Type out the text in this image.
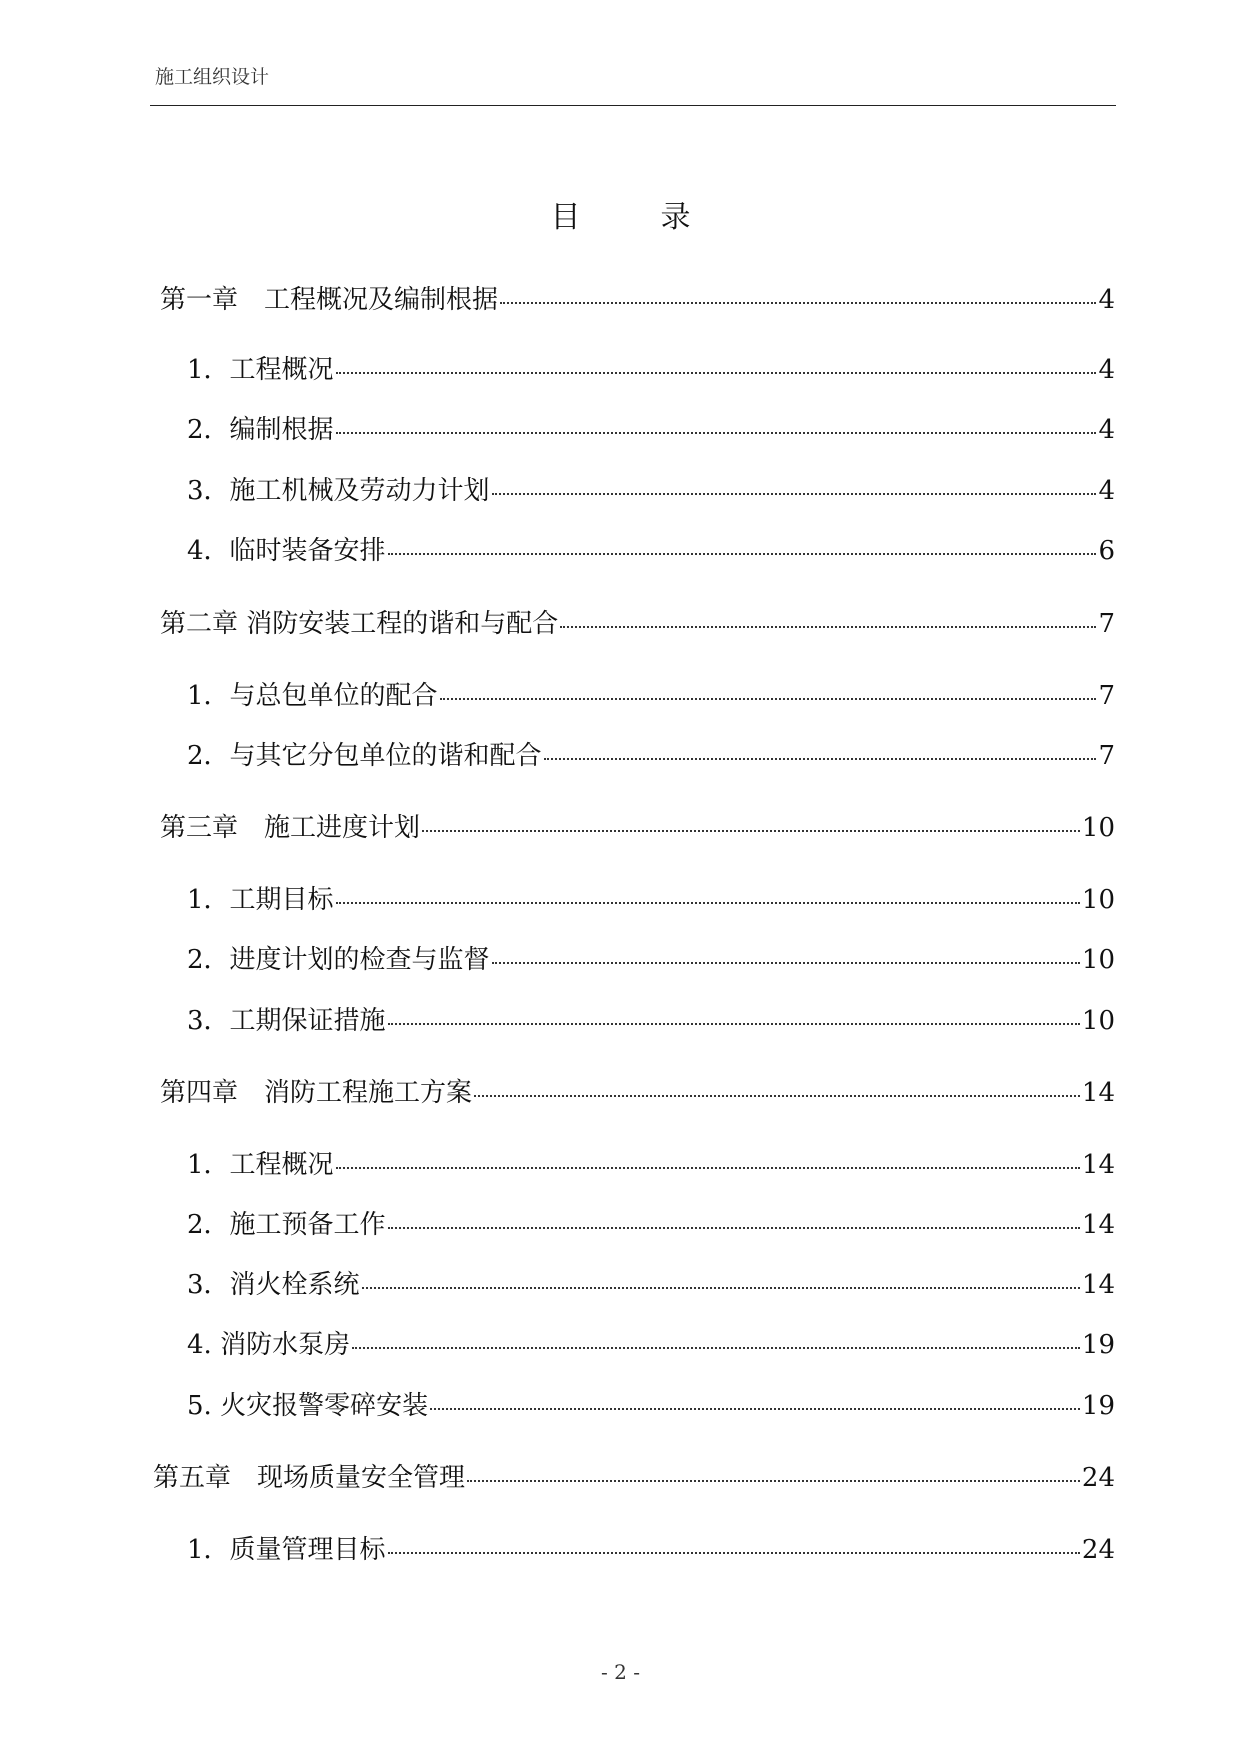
施工组织设计
目录
第一章　工程概况及编制根据	4
1．工程概况	4
2．编制根据	4
3．施工机械及劳动力计划	4
4．临时装备安排	6
第二章 消防安装工程的谐和与配合	7
1．与总包单位的配合	7
2．与其它分包单位的谐和配合	7
第三章　施工进度计划	10
1．工期目标	10
2．进度计划的检查与监督	10
3．工期保证措施	10
第四章　消防工程施工方案	14
1．工程概况	14
2．施工预备工作	14
3．消火栓系统	14
4. 消防水泵房	19
5. 火灾报警零碎安装	19
第五章　现场质量安全管理	24
1．质量管理目标	24
- 2 -
